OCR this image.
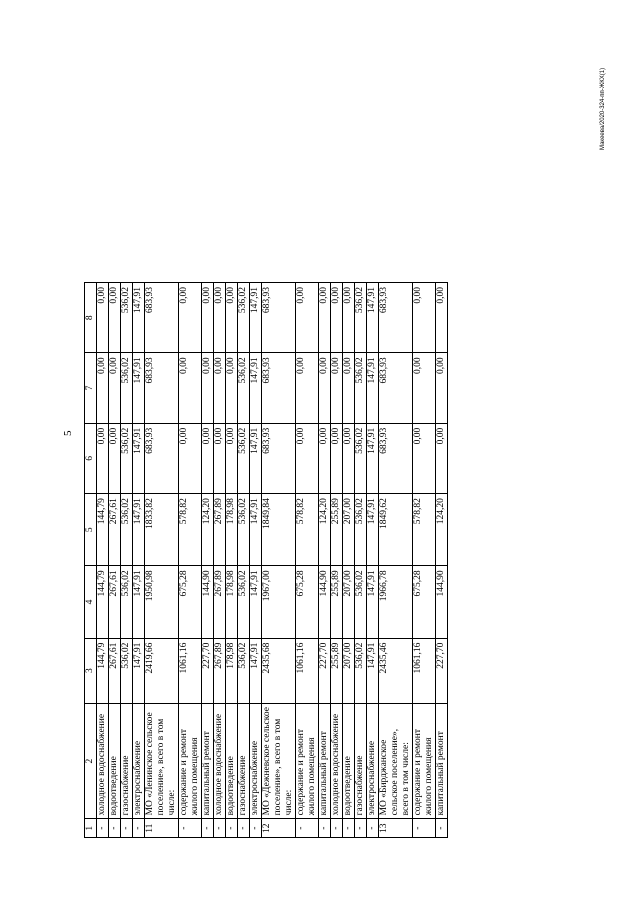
5
Макеева/2020-324-пп-ЖКХ(1)
1	2	3	4	5	6	7	8
-	холодное водоснабжение	144,79	144,79	144,79	0,00	0,00	0,00
-	водоотведение	267,61	267,61	267,61	0,00	0,00	0,00
-	газоснабжение	536,02	536,02	536,02	536,02	536,02	536,02
-	электроснабжение	147,91	147,91	147,91	147,91	147,91	147,91
11	МО «Ленинское сельское поселение», всего в том числе:	2419,66	1950,98	1833,82	683,93	683,93	683,93
-	содержание и ремонт жилого помещения	1061,16	675,28	578,82	0,00	0,00	0,00
-	капитальный ремонт	227,70	144,90	124,20	0,00	0,00	0,00
-	холодное водоснабжение	267,89	267,89	267,89	0,00	0,00	0,00
-	водоотведение	178,98	178,98	178,98	0,00	0,00	0,00
-	газоснабжение	536,02	536,02	536,02	536,02	536,02	536,02
-	электроснабжение	147,91	147,91	147,91	147,91	147,91	147,91
12	МО «Дежневское сельское поселение», всего в том числе:	2435,68	1967,00	1849,84	683,93	683,93	683,93
-	содержание и ремонт жилого помещения	1061,16	675,28	578,82	0,00	0,00	0,00
-	капитальный ремонт	227,70	144,90	124,20	0,00	0,00	0,00
-	холодное водоснабжение	255,89	255,89	255,89	0,00	0,00	0,00
-	водоотведение	207,00	207,00	207,00	0,00	0,00	0,00
-	газоснабжение	536,02	536,02	536,02	536,02	536,02	536,02
-	электроснабжение	147,91	147,91	147,91	147,91	147,91	147,91
13	МО «Бирджанское сельское поселение», всего в том числе:	2435,46	1966,78	1849,62	683,93	683,93	683,93
-	содержание и ремонт жилого помещения	1061,16	675,28	578,82	0,00	0,00	0,00
-	капитальный ремонт	227,70	144,90	124,20	0,00	0,00	0,00
